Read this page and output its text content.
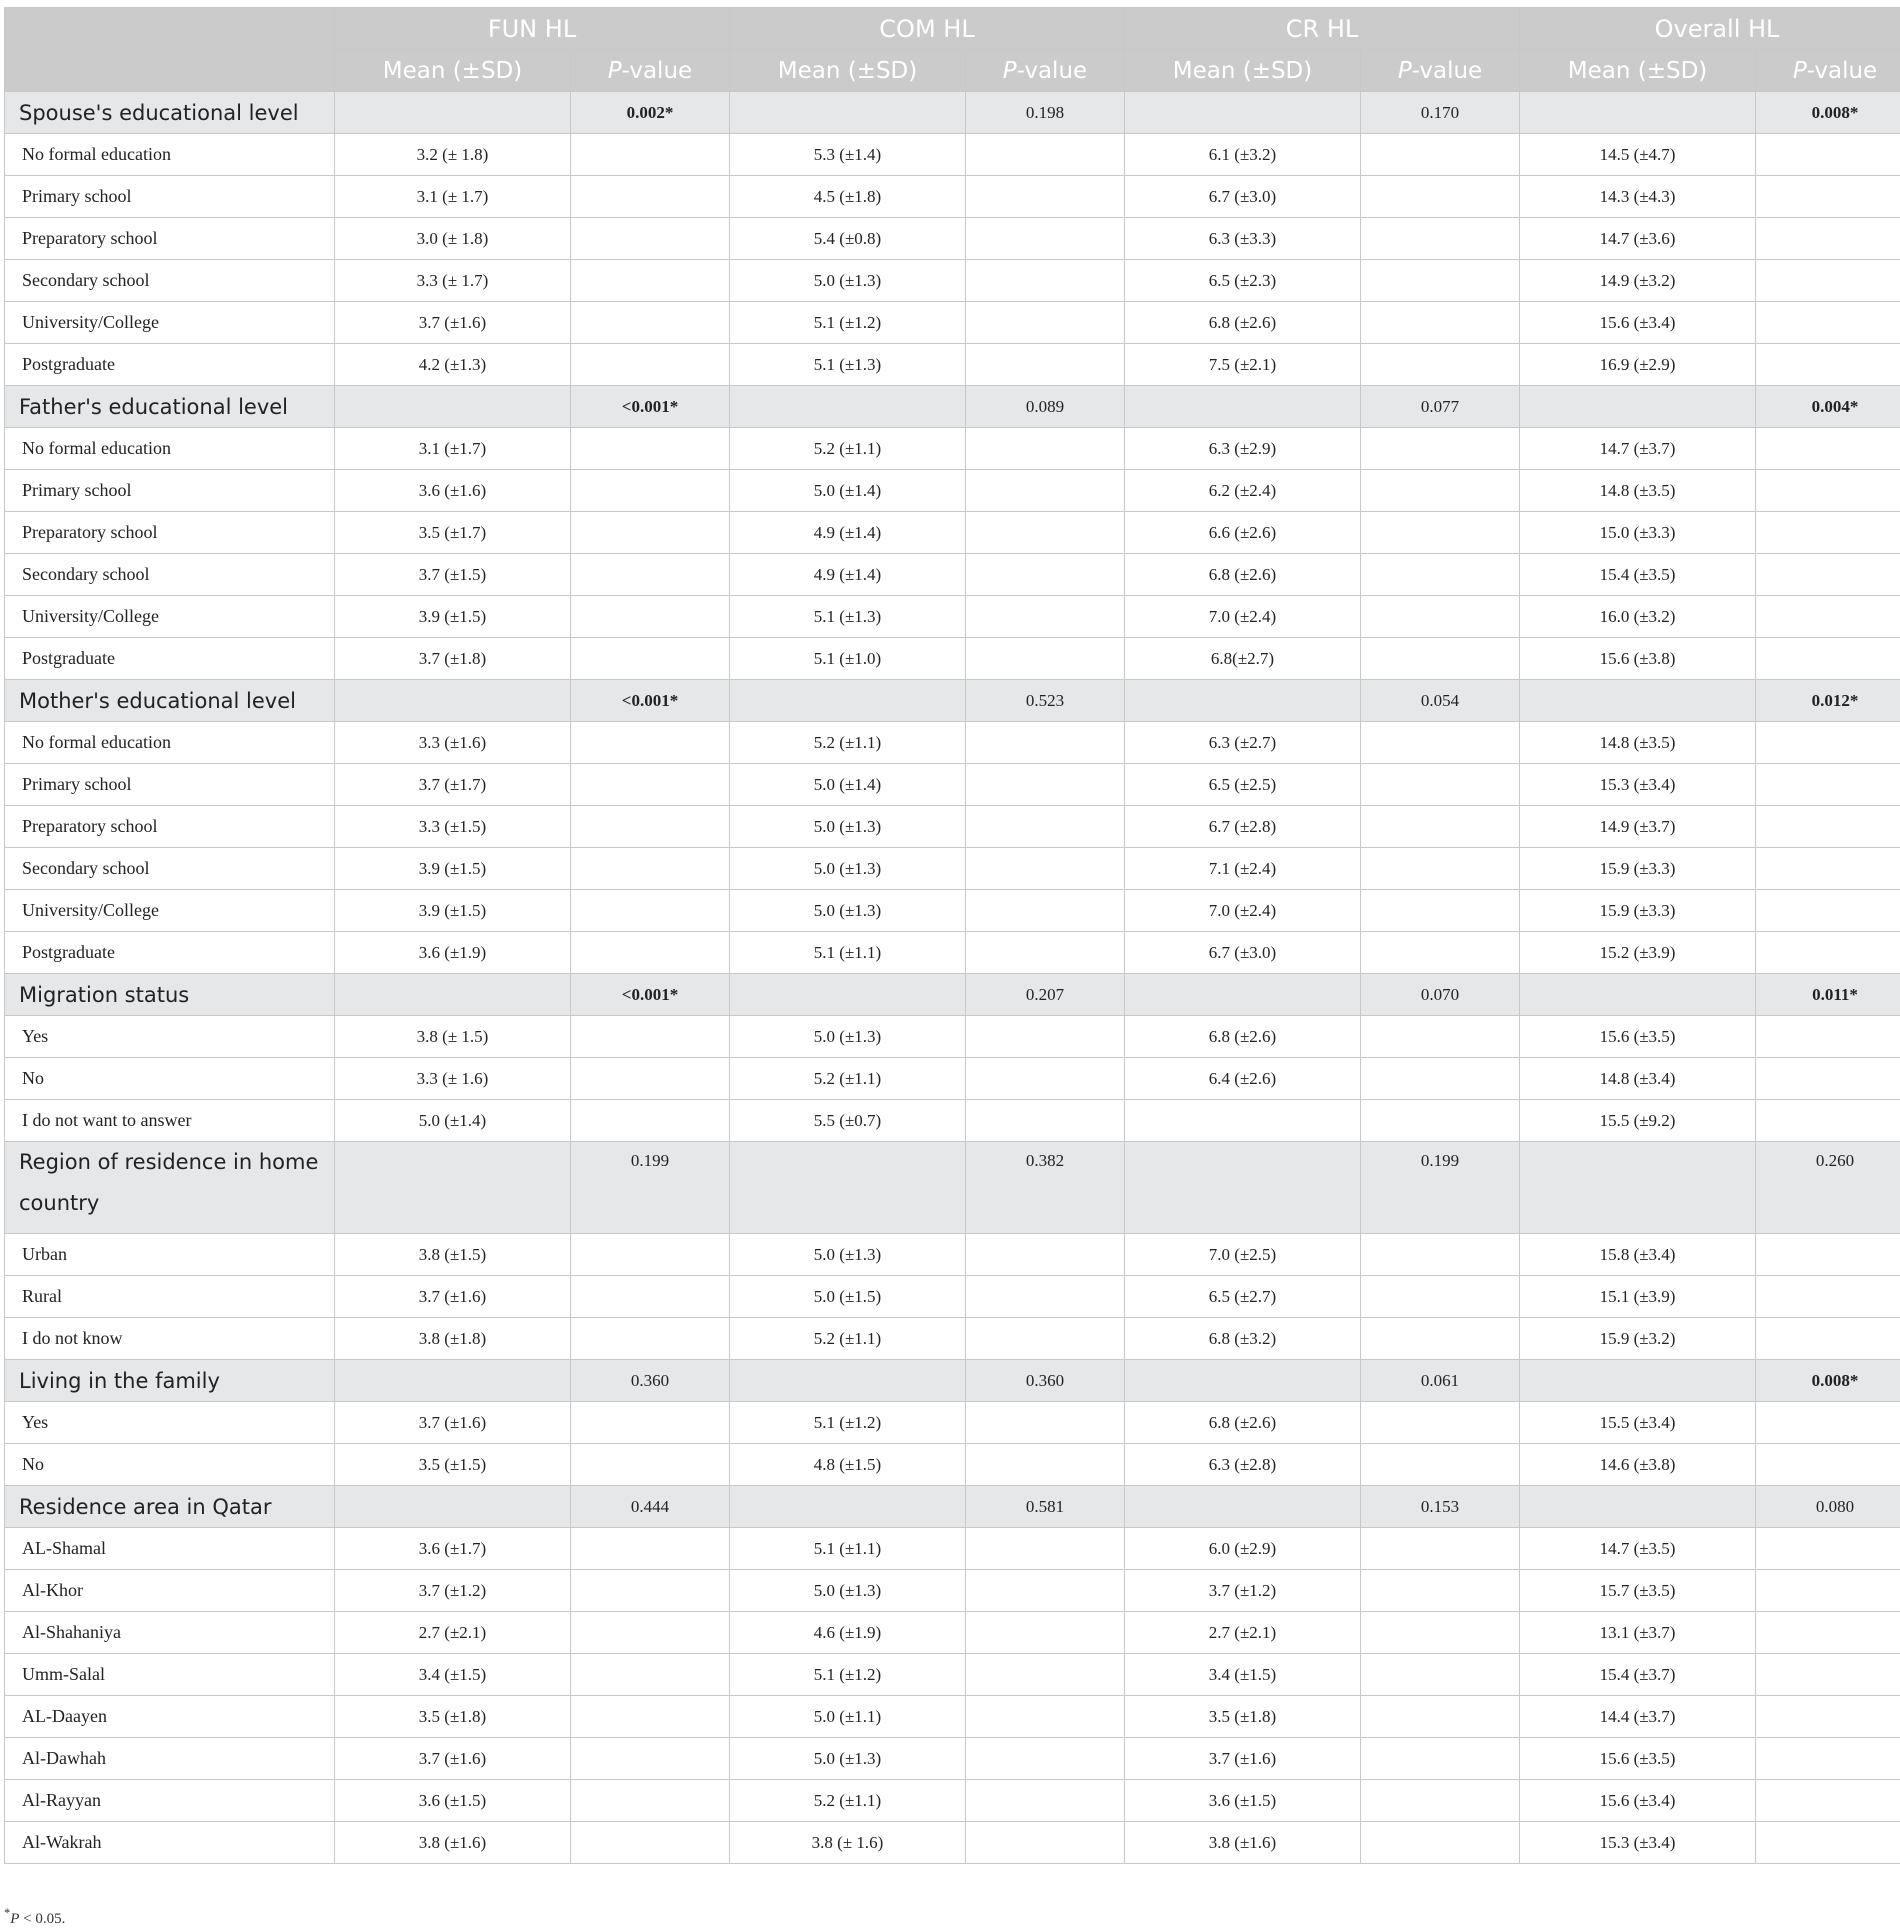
	FUN HL		COM HL		CR HL		Overall HL	
	Mean (±SD)	P-value	Mean (±SD)	P-value	Mean (±SD)	P-value	Mean (±SD)	P-value
Spouse's educational level		0.002*		0.198		0.170		0.008*
No formal education	3.2 (± 1.8)		5.3 (±1.4)		6.1 (±3.2)		14.5 (±4.7)	
Primary school	3.1 (± 1.7)		4.5 (±1.8)		6.7 (±3.0)		14.3 (±4.3)	
Preparatory school	3.0 (± 1.8)		5.4 (±0.8)		6.3 (±3.3)		14.7 (±3.6)	
Secondary school	3.3 (± 1.7)		5.0 (±1.3)		6.5 (±2.3)		14.9 (±3.2)	
University/College	3.7 (±1.6)		5.1 (±1.2)		6.8 (±2.6)		15.6 (±3.4)	
Postgraduate	4.2 (±1.3)		5.1 (±1.3)		7.5 (±2.1)		16.9 (±2.9)	
Father's educational level		<0.001*		0.089		0.077		0.004*
No formal education	3.1 (±1.7)		5.2 (±1.1)		6.3 (±2.9)		14.7 (±3.7)	
Primary school	3.6 (±1.6)		5.0 (±1.4)		6.2 (±2.4)		14.8 (±3.5)	
Preparatory school	3.5 (±1.7)		4.9 (±1.4)		6.6 (±2.6)		15.0 (±3.3)	
Secondary school	3.7 (±1.5)		4.9 (±1.4)		6.8 (±2.6)		15.4 (±3.5)	
University/College	3.9 (±1.5)		5.1 (±1.3)		7.0 (±2.4)		16.0 (±3.2)	
Postgraduate	3.7 (±1.8)		5.1 (±1.0)		6.8(±2.7)		15.6 (±3.8)	
Mother's educational level		<0.001*		0.523		0.054		0.012*
No formal education	3.3 (±1.6)		5.2 (±1.1)		6.3 (±2.7)		14.8 (±3.5)	
Primary school	3.7 (±1.7)		5.0 (±1.4)		6.5 (±2.5)		15.3 (±3.4)	
Preparatory school	3.3 (±1.5)		5.0 (±1.3)		6.7 (±2.8)		14.9 (±3.7)	
Secondary school	3.9 (±1.5)		5.0 (±1.3)		7.1 (±2.4)		15.9 (±3.3)	
University/College	3.9 (±1.5)		5.0 (±1.3)		7.0 (±2.4)		15.9 (±3.3)	
Postgraduate	3.6 (±1.9)		5.1 (±1.1)		6.7 (±3.0)		15.2 (±3.9)	
Migration status		<0.001*		0.207		0.070		0.011*
Yes	3.8 (± 1.5)		5.0 (±1.3)		6.8 (±2.6)		15.6 (±3.5)	
No	3.3 (± 1.6)		5.2 (±1.1)		6.4 (±2.6)		14.8 (±3.4)	
I do not want to answer	5.0 (±1.4)		5.5 (±0.7)				15.5 (±9.2)	
Region of residence in home country		0.199		0.382		0.199		0.260
Urban	3.8 (±1.5)		5.0 (±1.3)		7.0 (±2.5)		15.8 (±3.4)	
Rural	3.7 (±1.6)		5.0 (±1.5)		6.5 (±2.7)		15.1 (±3.9)	
I do not know	3.8 (±1.8)		5.2 (±1.1)		6.8 (±3.2)		15.9 (±3.2)	
Living in the family		0.360		0.360		0.061		0.008*
Yes	3.7 (±1.6)		5.1 (±1.2)		6.8 (±2.6)		15.5 (±3.4)	
No	3.5 (±1.5)		4.8 (±1.5)		6.3 (±2.8)		14.6 (±3.8)	
Residence area in Qatar		0.444		0.581		0.153		0.080
AL-Shamal	3.6 (±1.7)		5.1 (±1.1)		6.0 (±2.9)		14.7 (±3.5)	
Al-Khor	3.7 (±1.2)		5.0 (±1.3)		3.7 (±1.2)		15.7 (±3.5)	
Al-Shahaniya	2.7 (±2.1)		4.6 (±1.9)		2.7 (±2.1)		13.1 (±3.7)	
Umm-Salal	3.4 (±1.5)		5.1 (±1.2)		3.4 (±1.5)		15.4 (±3.7)	
AL-Daayen	3.5 (±1.8)		5.0 (±1.1)		3.5 (±1.8)		14.4 (±3.7)	
Al-Dawhah	3.7 (±1.6)		5.0 (±1.3)		3.7 (±1.6)		15.6 (±3.5)	
Al-Rayyan	3.6 (±1.5)		5.2 (±1.1)		3.6 (±1.5)		15.6 (±3.4)	
Al-Wakrah	3.8 (±1.6)		3.8 (± 1.6)		3.8 (±1.6)		15.3 (±3.4)	
*P < 0.05.
